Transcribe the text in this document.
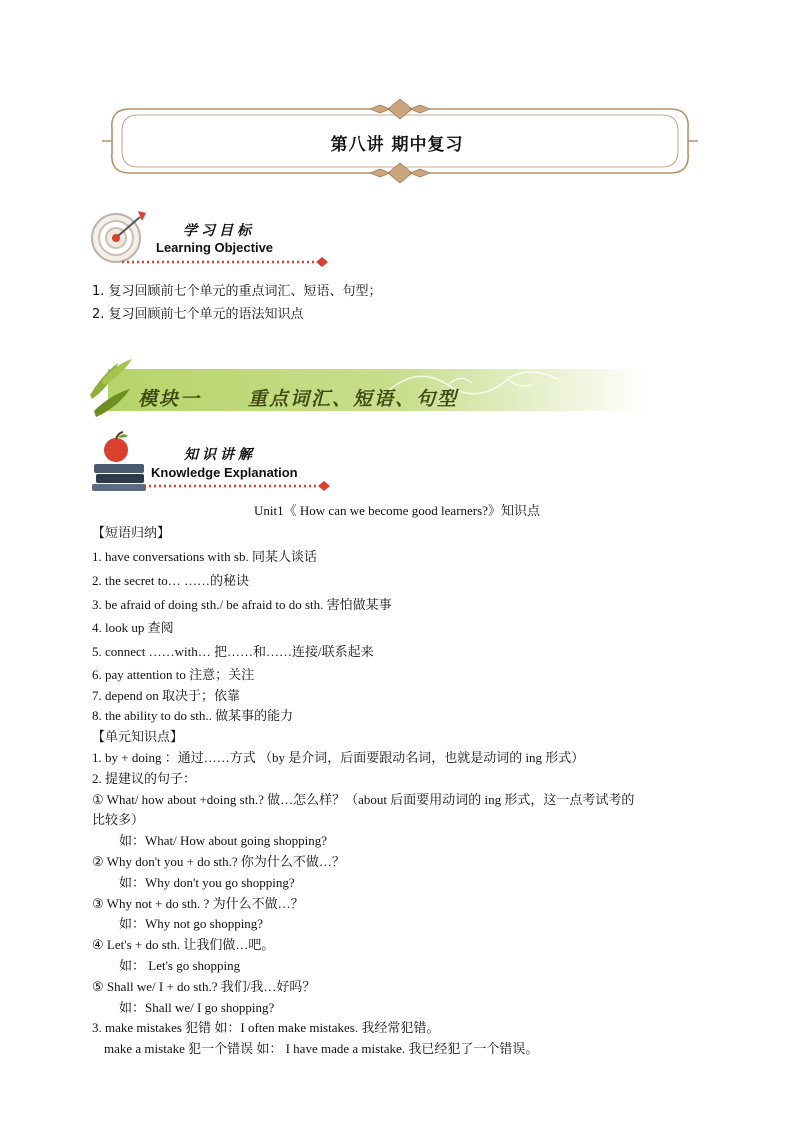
第八讲 期中复习
学习目标
Learning Objective
1. 复习回顾前七个单元的重点词汇、短语、句型；
2. 复习回顾前七个单元的语法知识点
模块一 重点词汇、短语、句型
知识讲解
Knowledge Explanation
Unit1《 How can we become good learners?》知识点
【短语归纳】
1. have conversations with sb. 同某人谈话
2. the secret to… ……的秘诀
3. be afraid of doing sth./ be afraid to do sth. 害怕做某事
4. look up 查阅
5. connect ……with… 把……和……连接/联系起来
6. pay attention to 注意；关注
7. depend on 取决于；依靠
8. the ability to do sth.. 做某事的能力
【单元知识点】
1. by + doing ：通过……方式 （by 是介词，后面要跟动名词，也就是动词的 ing 形式）
2. 提建议的句子：
① What/ how about +doing sth.? 做…怎么样？（about 后面要用动词的 ing 形式，这一点考试考的
比较多）
如：What/ How about going shopping?
② Why don't you + do sth.? 你为什么不做…？
如：Why don't you go shopping?
③ Why not + do sth. ? 为什么不做…？
如：Why not go shopping?
④ Let's + do sth. 让我们做…吧。
如： Let's go shopping
⑤ Shall we/ I + do sth.? 我们/我…好吗？
如：Shall we/ I go shopping?
3. make mistakes 犯错 如：I often make mistakes. 我经常犯错。
make a mistake 犯一个错误 如： I have made a mistake. 我已经犯了一个错误。
